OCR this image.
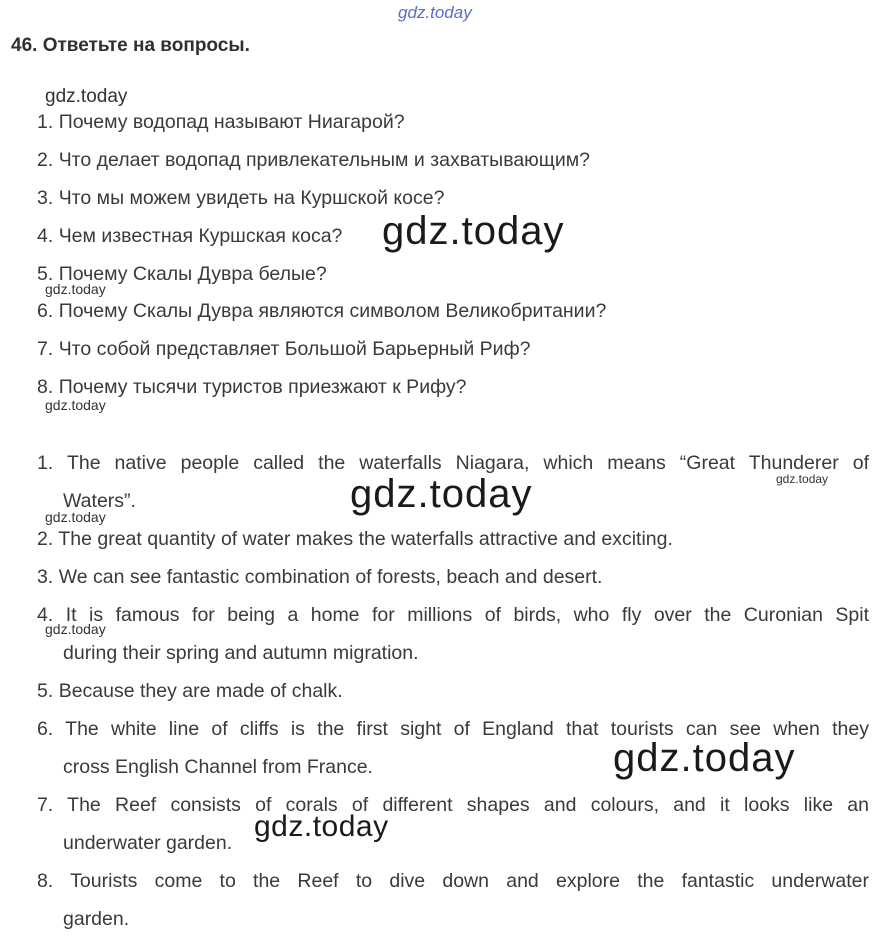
gdz.today
gdz.today
gdz.today
gdz.today
gdz.today
gdz.today	gdz.today
gdz.today
gdz.today
gdz.today
gdz.today
46. Ответьте на вопросы.
1. Почему водопад называют Ниагарой?
2. Что делает водопад привлекательным и захватывающим?
3. Что мы можем увидеть на Куршской косе?
4. Чем известная Куршская коса?
5. Почему Скалы Дувра белые?
6. Почему Скалы Дувра являются символом Великобритании?
7. Что собой представляет Большой Барьерный Риф?
8. Почему тысячи туристов приезжают к Рифу?
1. The native people called the waterfalls Niagara, which means “Great Thunderer of
Waters”.
2. The great quantity of water makes the waterfalls attractive and exciting.
3. We can see fantastic combination of forests, beach and desert.
4. It is famous for being a home for millions of birds, who fly over the Curonian Spit
during their spring and autumn migration.
5. Because they are made of chalk.
6. The white line of cliffs is the first sight of England that tourists can see when they
cross English Channel from France.
7. The Reef consists of corals of different shapes and colours, and it looks like an
underwater garden.
8. Tourists come to the Reef to dive down and explore the fantastic underwater
garden.
